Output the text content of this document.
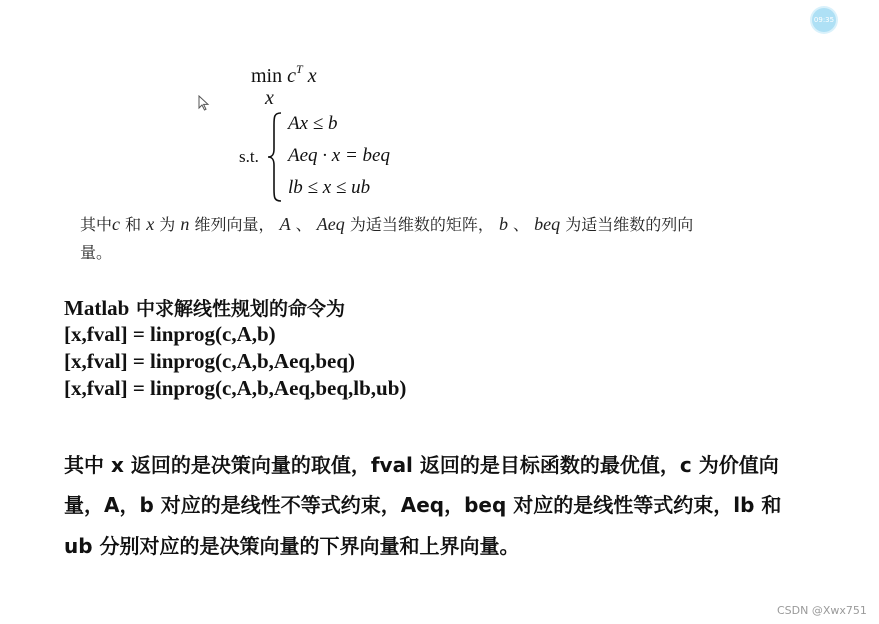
09:35
$\min c^T$ x
x
s.t.
Ax ≤ b
Aeq · x = beq
lb ≤ x ≤ ub
其中c 和 x 为 n 维列向量， A 、 Aeq 为适当维数的矩阵， b 、 beq 为适当维数的列向
量。
Matlab 中求解线性规划的命令为
[x,fval] = linprog(c,A,b)
[x,fval] = linprog(c,A,b,Aeq,beq)
[x,fval] = linprog(c,A,b,Aeq,beq,lb,ub)
其中 x 返回的是决策向量的取值，fval 返回的是目标函数的最优值，c 为价值向
量，A，b 对应的是线性不等式约束，Aeq，beq 对应的是线性等式约束，lb 和
ub 分别对应的是决策向量的下界向量和上界向量。
CSDN @Xwx751
